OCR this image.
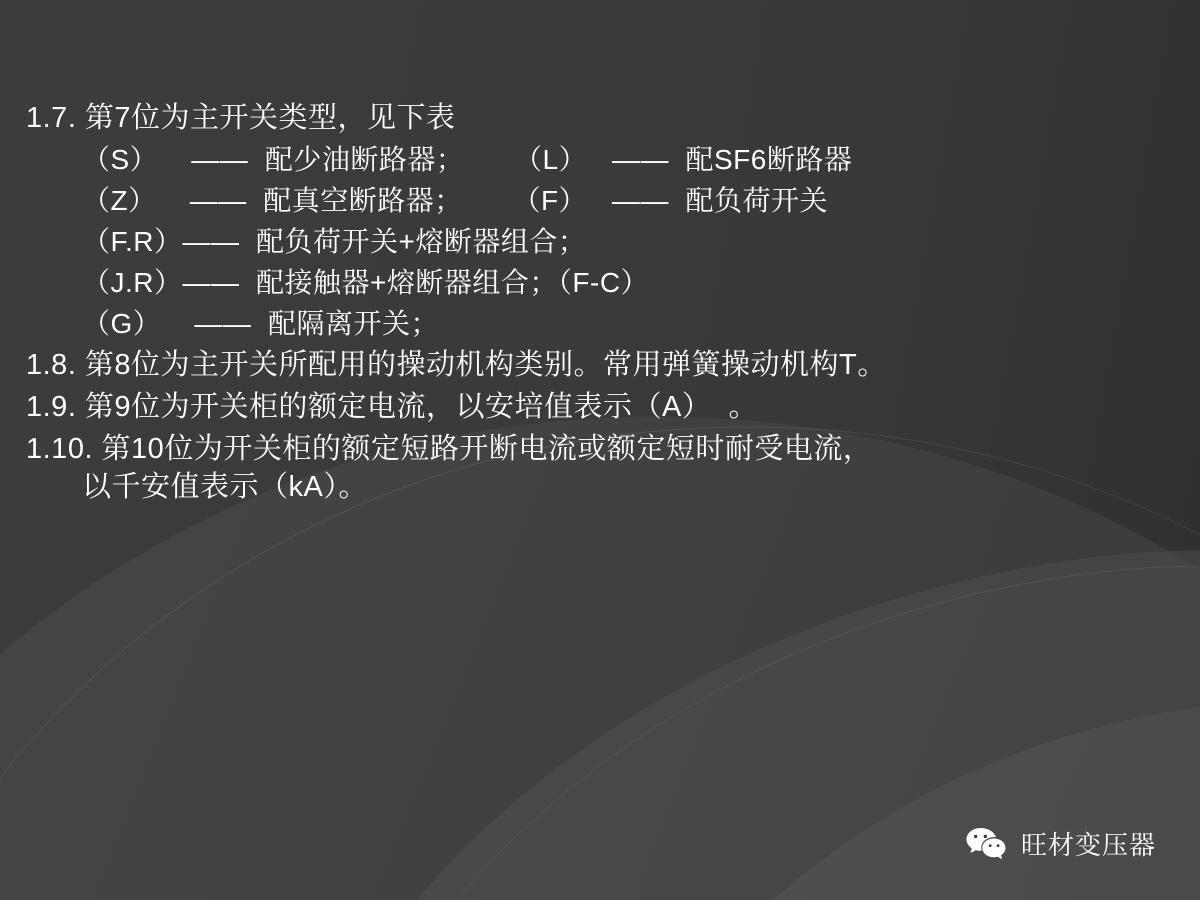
1.7. 第7位为主开关类型，见下表
（S）    ——  配少油断路器；      （L）   ——  配SF6断路器
（Z）    ——  配真空断路器；      （F）   ——  配负荷开关
（F.R）——  配负荷开关+熔断器组合；
（J.R）——  配接触器+熔断器组合；（F-C）
（G）    ——  配隔离开关；
1.8. 第8位为主开关所配用的操动机构类别。常用弹簧操动机构T。
1.9. 第9位为开关柜的额定电流，以安培值表示（A）  。
1.10. 第10位为开关柜的额定短路开断电流或额定短时耐受电流，
以千安值表示（kA）。
旺材变压器
